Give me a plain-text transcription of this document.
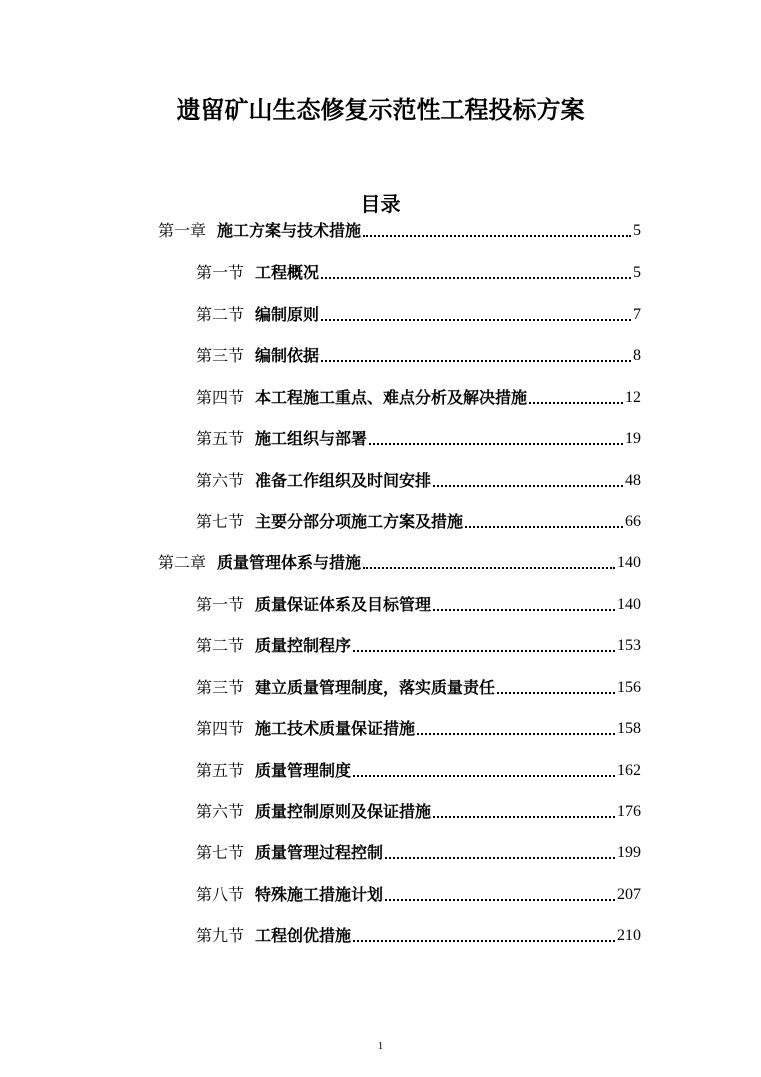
遗留矿山生态修复示范性工程投标方案
目录
第一章 施工方案与技术措施	5
第一节 工程概况	5
第二节 编制原则	7
第三节 编制依据	8
第四节 本工程施工重点、难点分析及解决措施	12
第五节 施工组织与部署	19
第六节 准备工作组织及时间安排	48
第七节 主要分部分项施工方案及措施	66
第二章 质量管理体系与措施	140
第一节 质量保证体系及目标管理	140
第二节 质量控制程序	153
第三节 建立质量管理制度，落实质量责任	156
第四节 施工技术质量保证措施	158
第五节 质量管理制度	162
第六节 质量控制原则及保证措施	176
第七节 质量管理过程控制	199
第八节 特殊施工措施计划	207
第九节 工程创优措施	210
1
